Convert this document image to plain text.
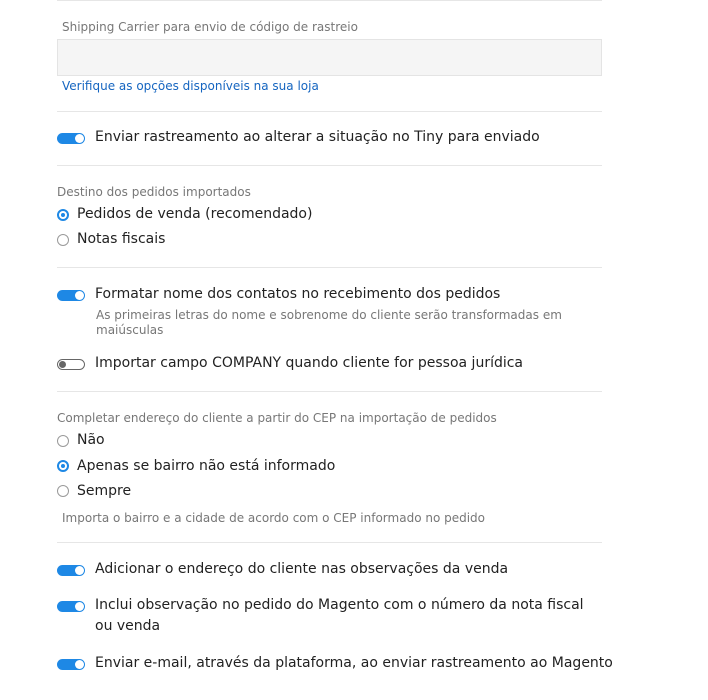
Shipping Carrier para envio de código de rastreio
Verifique as opções disponíveis na sua loja
Enviar rastreamento ao alterar a situação no Tiny para enviado
Destino dos pedidos importados
Pedidos de venda (recomendado)
Notas fiscais
Formatar nome dos contatos no recebimento dos pedidos
As primeiras letras do nome e sobrenome do cliente serão transformadas em maiúsculas
Importar campo COMPANY quando cliente for pessoa jurídica
Completar endereço do cliente a partir do CEP na importação de pedidos
Não
Apenas se bairro não está informado
Sempre
Importa o bairro e a cidade de acordo com o CEP informado no pedido
Adicionar o endereço do cliente nas observações da venda
Inclui observação no pedido do Magento com o número da nota fiscal ou venda
Enviar e-mail, através da plataforma, ao enviar rastreamento ao Magento
